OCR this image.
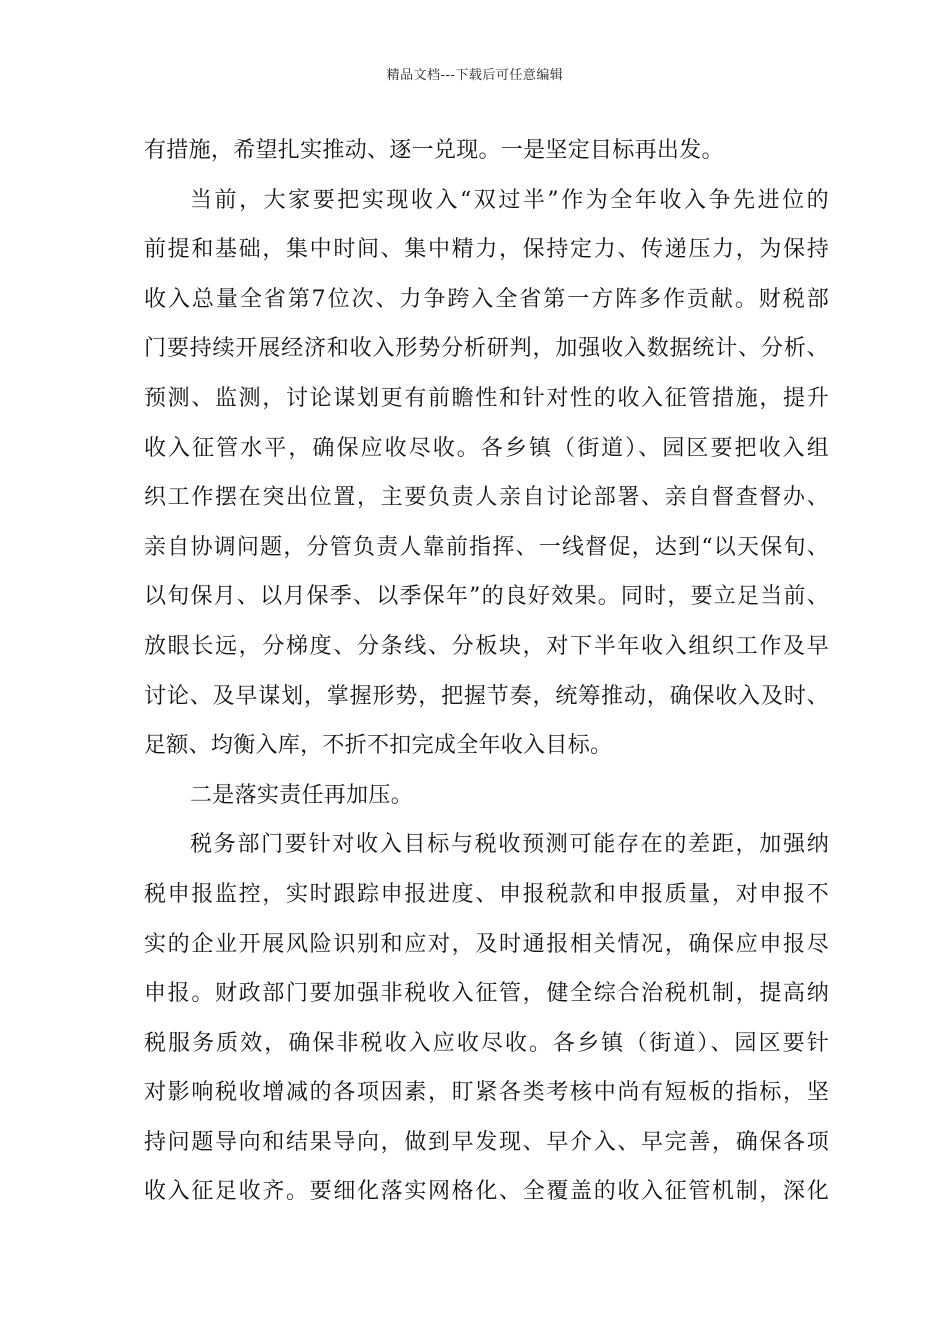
精品文档---下载后可任意编辑
有措施，希望扎实推动、逐一兑现。一是坚定目标再出发。
当前，大家要把实现收入“双过半”作为全年收入争先进位的
前提和基础，集中时间、集中精力，保持定力、传递压力，为保持
收入总量全省第7位次、力争跨入全省第一方阵多作贡献。财税部
门要持续开展经济和收入形势分析研判，加强收入数据统计、分析、
预测、监测，讨论谋划更有前瞻性和针对性的收入征管措施，提升
收入征管水平，确保应收尽收。各乡镇（街道）、园区要把收入组
织工作摆在突出位置，主要负责人亲自讨论部署、亲自督查督办、
亲自协调问题，分管负责人靠前指挥、一线督促，达到“以天保旬、
以旬保月、以月保季、以季保年”的良好效果。同时，要立足当前、
放眼长远，分梯度、分条线、分板块，对下半年收入组织工作及早
讨论、及早谋划，掌握形势，把握节奏，统筹推动，确保收入及时、
足额、均衡入库，不折不扣完成全年收入目标。
二是落实责任再加压。
税务部门要针对收入目标与税收预测可能存在的差距，加强纳
税申报监控，实时跟踪申报进度、申报税款和申报质量，对申报不
实的企业开展风险识别和应对，及时通报相关情况，确保应申报尽
申报。财政部门要加强非税收入征管，健全综合治税机制，提高纳
税服务质效，确保非税收入应收尽收。各乡镇（街道）、园区要针
对影响税收增减的各项因素，盯紧各类考核中尚有短板的指标，坚
持问题导向和结果导向，做到早发现、早介入、早完善，确保各项
收入征足收齐。要细化落实网格化、全覆盖的收入征管机制，深化
